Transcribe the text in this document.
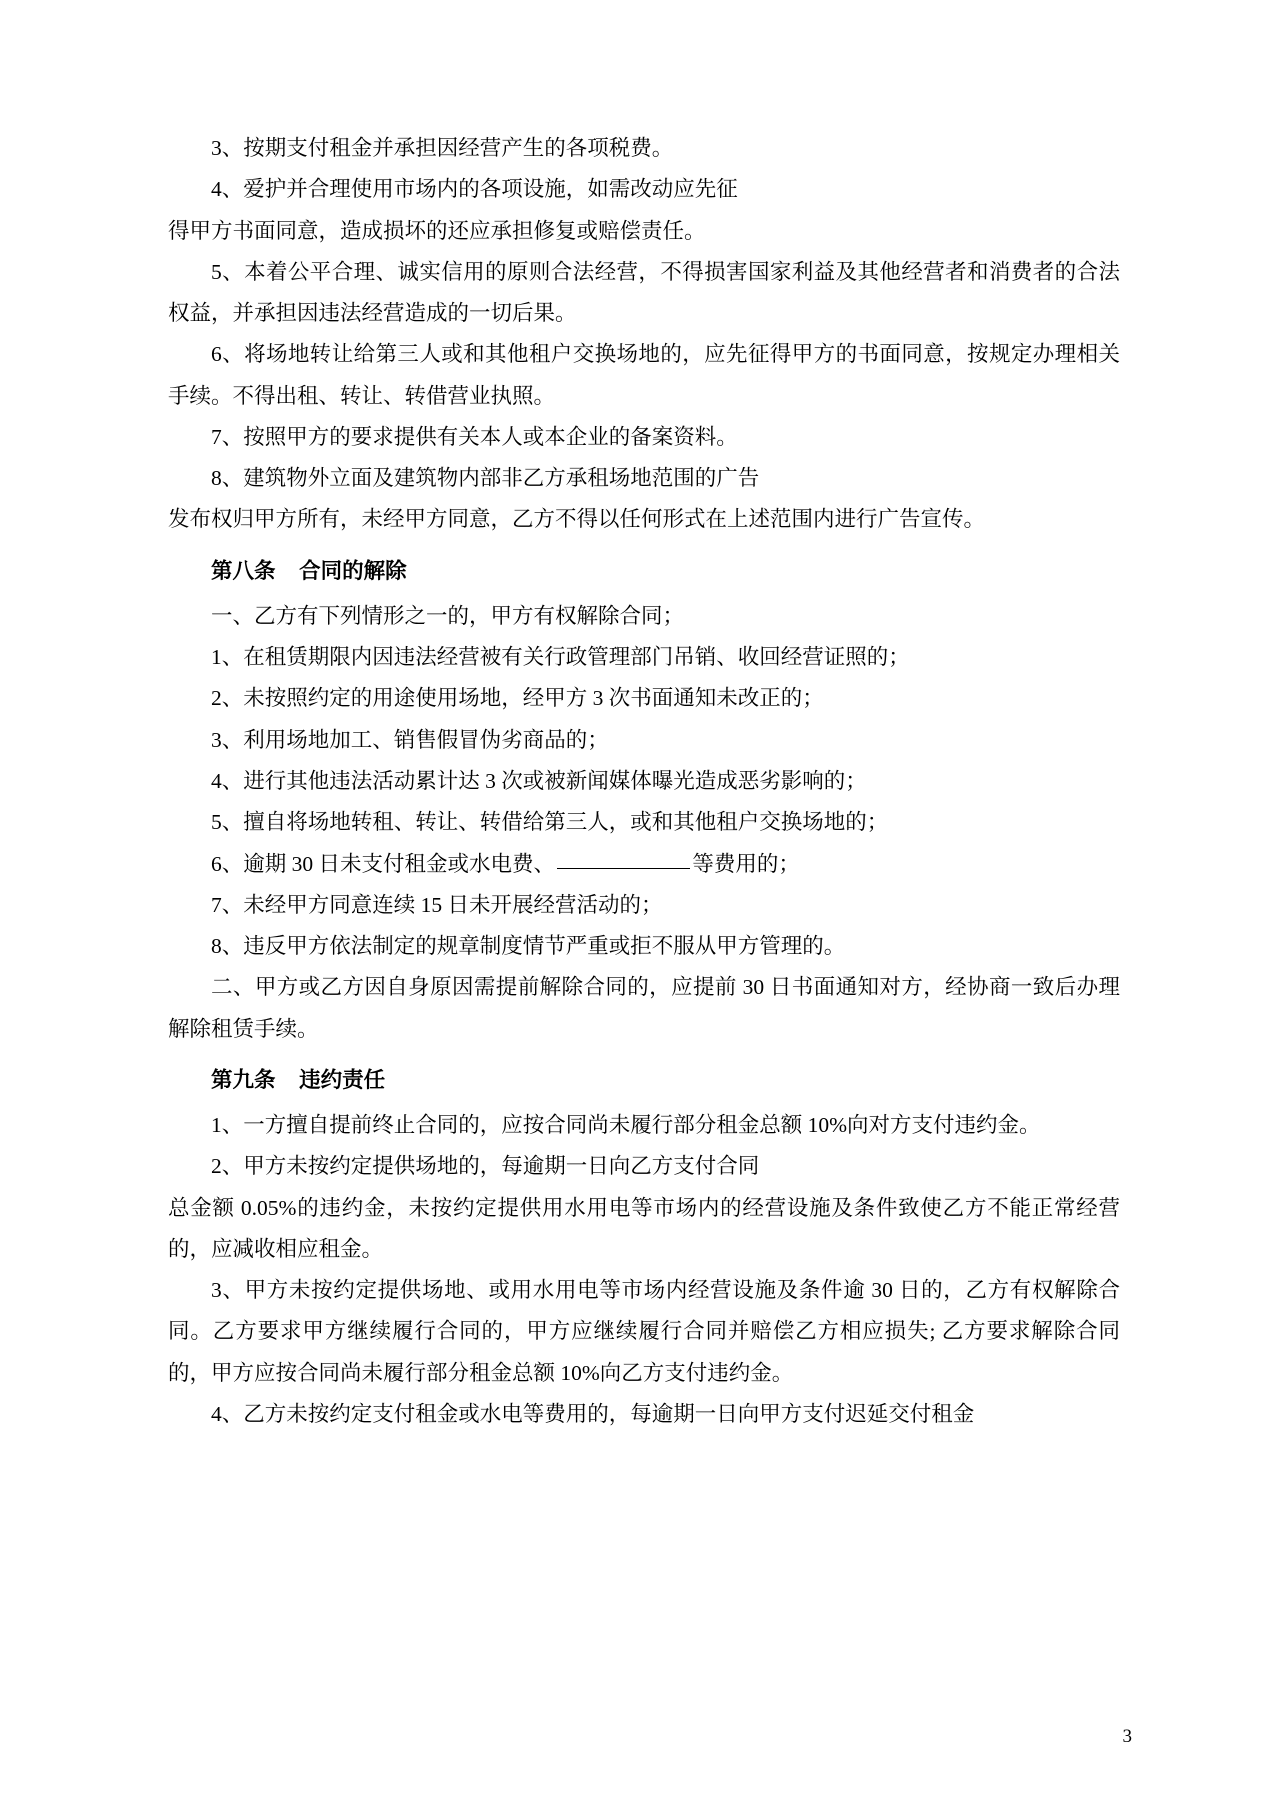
3、按期支付租金并承担因经营产生的各项税费。

4、爱护并合理使用市场内的各项设施，如需改动应先征

得甲方书面同意，造成损坏的还应承担修复或赔偿责任。

5、本着公平合理、诚实信用的原则合法经营，不得损害国家利益及其他经营者和消费者的合法权益，并承担因违法经营造成的一切后果。

6、将场地转让给第三人或和其他租户交换场地的，应先征得甲方的书面同意，按规定办理相关手续。不得出租、转让、转借营业执照。

7、按照甲方的要求提供有关本人或本企业的备案资料。

8、建筑物外立面及建筑物内部非乙方承租场地范围的广告

发布权归甲方所有，未经甲方同意，乙方不得以任何形式在上述范围内进行广告宣传。

第八条 合同的解除

一、乙方有下列情形之一的，甲方有权解除合同；

1、在租赁期限内因违法经营被有关行政管理部门吊销、收回经营证照的；

2、未按照约定的用途使用场地，经甲方 3 次书面通知未改正的；

3、利用场地加工、销售假冒伪劣商品的；

4、进行其他违法活动累计达 3 次或被新闻媒体曝光造成恶劣影响的；

5、擅自将场地转租、转让、转借给第三人，或和其他租户交换场地的；

6、逾期 30 日未支付租金或水电费、	等费用的；

7、未经甲方同意连续 15 日未开展经营活动的；

8、违反甲方依法制定的规章制度情节严重或拒不服从甲方管理的。

二、甲方或乙方因自身原因需提前解除合同的，应提前 30 日书面通知对方，经协商一致后办理解除租赁手续。

第九条 违约责任

1、一方擅自提前终止合同的，应按合同尚未履行部分租金总额 10%向对方支付违约金。

2、甲方未按约定提供场地的，每逾期一日向乙方支付合同

总金额 0.05%的违约金，未按约定提供用水用电等市场内的经营设施及条件致使乙方不能正常经营的，应减收相应租金。

3、甲方未按约定提供场地、或用水用电等市场内经营设施及条件逾 30 日的，乙方有权解除合同。乙方要求甲方继续履行合同的，甲方应继续履行合同并赔偿乙方相应损失; 乙方要求解除合同的，甲方应按合同尚未履行部分租金总额 10%向乙方支付违约金。

4、乙方未按约定支付租金或水电等费用的，每逾期一日向甲方支付迟延交付租金

3
